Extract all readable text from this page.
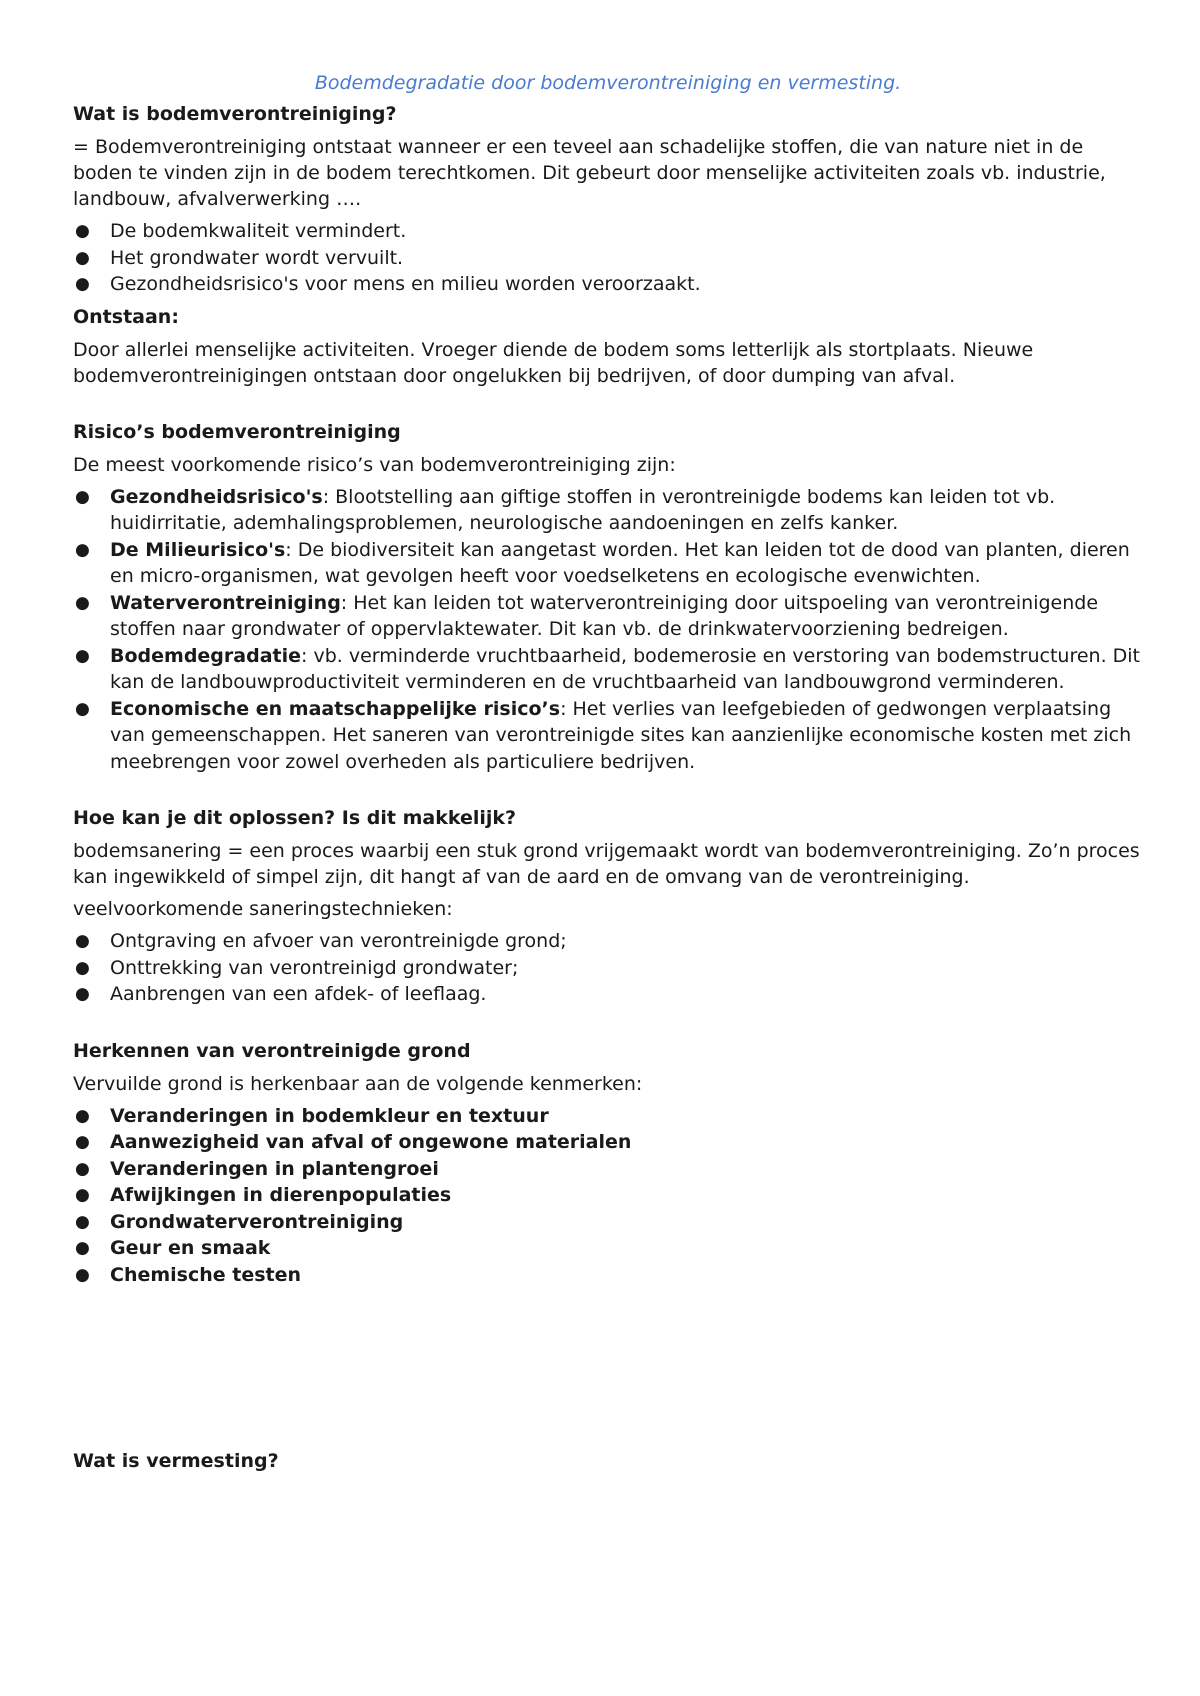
Bodemdegradatie door bodemverontreiniging en vermesting.
Wat is bodemverontreiniging?

= Bodemverontreiniging ontstaat wanneer er een teveel aan schadelijke stoffen, die van nature niet in de boden te vinden zijn in de bodem terechtkomen. Dit gebeurt door menselijke activiteiten zoals vb. industrie, landbouw, afvalverwerking ….

● De bodemkwaliteit vermindert.
● Het grondwater wordt vervuilt.
● Gezondheidsrisico's voor mens en milieu worden veroorzaakt.
Ontstaan:

Door allerlei menselijke activiteiten. Vroeger diende de bodem soms letterlijk als stortplaats. Nieuwe bodemverontreinigingen ontstaan door ongelukken bij bedrijven, of door dumping van afval.

Risico’s bodemverontreiniging

De meest voorkomende risico’s van bodemverontreiniging zijn:

● Gezondheidsrisico's: Blootstelling aan giftige stoffen in verontreinigde bodems kan leiden tot vb. huidirritatie, ademhalingsproblemen, neurologische aandoeningen en zelfs kanker.
● De Milieurisico's: De biodiversiteit kan aangetast worden. Het kan leiden tot de dood van planten, dieren en micro-organismen, wat gevolgen heeft voor voedselketens en ecologische evenwichten.
● Waterverontreiniging: Het kan leiden tot waterverontreiniging door uitspoeling van verontreinigende stoffen naar grondwater of oppervlaktewater. Dit kan vb. de drinkwatervoorziening bedreigen.
● Bodemdegradatie: vb. verminderde vruchtbaarheid, bodemerosie en verstoring van bodemstructuren. Dit kan de landbouwproductiviteit verminderen en de vruchtbaarheid van landbouwgrond verminderen.
● Economische en maatschappelijke risico’s: Het verlies van leefgebieden of gedwongen verplaatsing van gemeenschappen. Het saneren van verontreinigde sites kan aanzienlijke economische kosten met zich meebrengen voor zowel overheden als particuliere bedrijven.
Hoe kan je dit oplossen? Is dit makkelijk?

bodemsanering = een proces waarbij een stuk grond vrijgemaakt wordt van bodemverontreiniging. Zo’n proces kan ingewikkeld of simpel zijn, dit hangt af van de aard en de omvang van de verontreiniging.

veelvoorkomende saneringstechnieken:

● Ontgraving en afvoer van verontreinigde grond;
● Onttrekking van verontreinigd grondwater;
● Aanbrengen van een afdek- of leeflaag.
Herkennen van verontreinigde grond

Vervuilde grond is herkenbaar aan de volgende kenmerken:

● Veranderingen in bodemkleur en textuur
● Aanwezigheid van afval of ongewone materialen
● Veranderingen in plantengroei
● Afwijkingen in dierenpopulaties
● Grondwaterverontreiniging
● Geur en smaak
● Chemische testen
Wat is vermesting?
